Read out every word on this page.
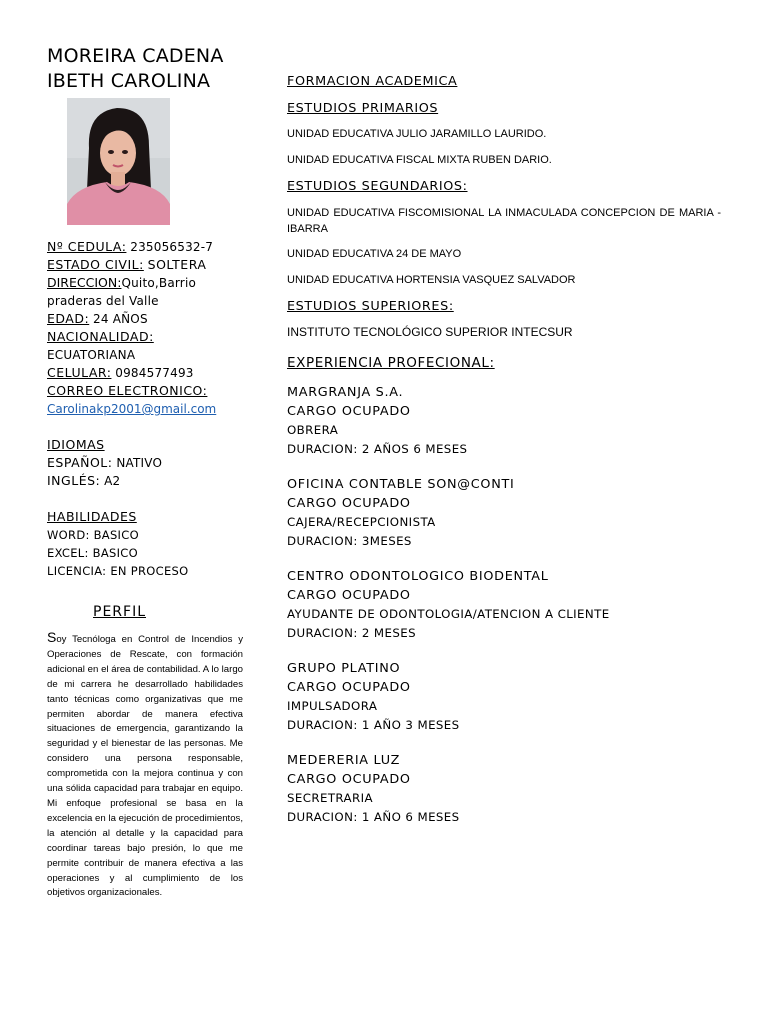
MOREIRA CADENA
IBETH CAROLINA
Nº CEDULA: 235056532-7
ESTADO CIVIL: SOLTERA
DIRECCION:Quito,Barrio
praderas del Valle
EDAD: 24 AÑOS
NACIONALIDAD:
ECUATORIANA
CELULAR: 0984577493
CORREO ELECTRONICO:
Carolinakp2001@gmail.com
IDIOMAS
ESPAÑOL: NATIVO
INGLÉS: A2
HABILIDADES
WORD: BASICO
EXCEL: BASICO
LICENCIA: EN PROCESO
PERFIL
Soy Tecnóloga en Control de Incendios y Operaciones de Rescate, con formación adicional en el área de contabilidad. A lo largo de mi carrera he desarrollado habilidades tanto técnicas como organizativas que me permiten abordar de manera efectiva situaciones de emergencia, garantizando la seguridad y el bienestar de las personas. Me considero una persona responsable, comprometida con la mejora continua y con una sólida capacidad para trabajar en equipo. Mi enfoque profesional se basa en la excelencia en la ejecución de procedimientos, la atención al detalle y la capacidad para coordinar tareas bajo presión, lo que me permite contribuir de manera efectiva a las operaciones y al cumplimiento de los objetivos organizacionales.

FORMACION ACADEMICA

ESTUDIOS PRIMARIOS

UNIDAD EDUCATIVA JULIO JARAMILLO LAURIDO.

UNIDAD EDUCATIVA FISCAL MIXTA RUBEN DARIO.

ESTUDIOS SEGUNDARIOS:

UNIDAD EDUCATIVA FISCOMISIONAL LA INMACULADA CONCEPCION DE MARIA - IBARRA

UNIDAD EDUCATIVA 24 DE MAYO

UNIDAD EDUCATIVA HORTENSIA VASQUEZ SALVADOR

ESTUDIOS SUPERIORES:

INSTITUTO TECNOLÓGICO SUPERIOR INTECSUR

EXPERIENCIA PROFECIONAL:

MARGRANJA S.A.

CARGO OCUPADO

OBRERA

DURACION: 2 AÑOS 6 MESES

OFICINA CONTABLE SON@CONTI

CARGO OCUPADO

CAJERA/RECEPCIONISTA

DURACION: 3MESES

CENTRO ODONTOLOGICO BIODENTAL

CARGO OCUPADO

AYUDANTE DE ODONTOLOGIA/ATENCION A CLIENTE

DURACION: 2 MESES

GRUPO PLATINO

CARGO OCUPADO

IMPULSADORA

DURACION: 1 AÑO 3 MESES

MEDERERIA LUZ

CARGO OCUPADO

SECRETRARIA

DURACION: 1 AÑO 6 MESES
